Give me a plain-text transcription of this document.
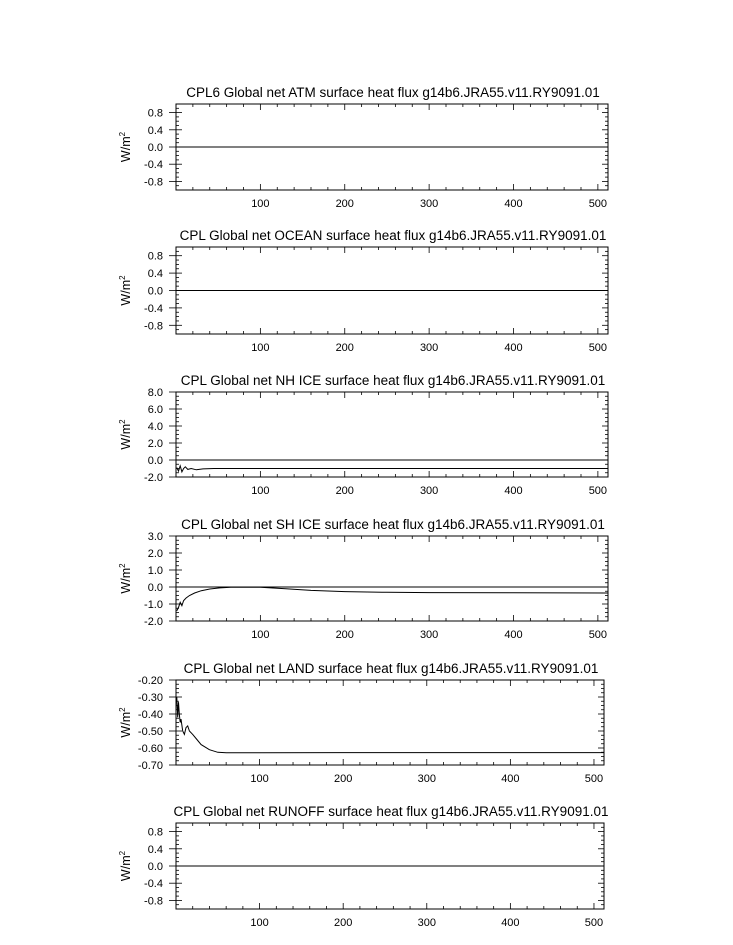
CPL6 Global net ATM surface heat flux g14b6.JRA55.v11.RY9091.01
100	200	300	400	500
0.8
0.4
0.0
-0.4
-0.8
$W/m^2$
CPL Global net OCEAN surface heat flux g14b6.JRA55.v11.RY9091.01
100	200	300	400	500
0.8
0.4
0.0
-0.4
-0.8
$W/m^2$
CPL Global net NH ICE surface heat flux g14b6.JRA55.v11.RY9091.01
100	200	300	400	500
8.0
6.0
4.0
2.0
0.0
-2.0
$W/m^2$
CPL Global net SH ICE surface heat flux g14b6.JRA55.v11.RY9091.01
100	200	300	400	500
3.0
2.0
1.0
0.0
-1.0
-2.0
$W/m^2$
CPL Global net LAND surface heat flux g14b6.JRA55.v11.RY9091.01
100	200	300	400	500
-0.20
-0.30
-0.40
-0.50
-0.60
-0.70
$W/m^2$
CPL Global net RUNOFF surface heat flux g14b6.JRA55.v11.RY9091.01
100	200	300	400	500
0.8
0.4
0.0
-0.4
-0.8
$W/m^2$
